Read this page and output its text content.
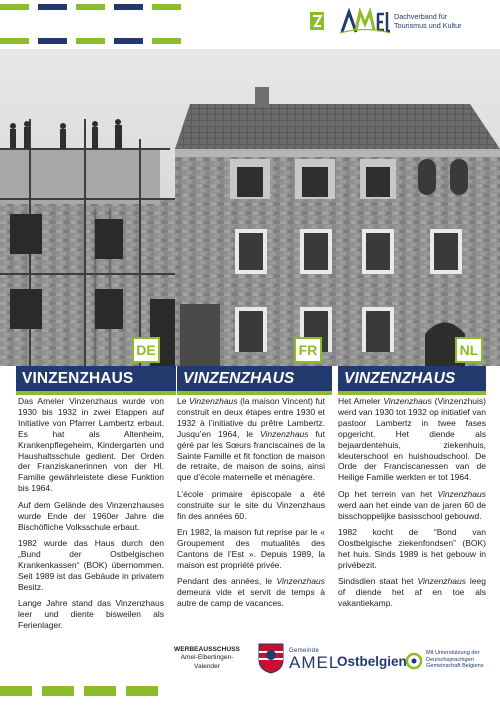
Dachverband für
Tourismus und Kultur
DE	FR	NL
VINZENZHAUS	VINZENZHAUS	VINZENZHAUS

Das Ameler Vinzenzhaus wurde von 1930 bis 1932 in zwei Etappen auf Initiative von Pfarrer Lambertz erbaut. Es hat als Altenheim, Krankenpflegeheim, Kindergarten und Haushaltsschule gedient. Der Orden der Franziskanerinnen von der Hl. Familie gewährleistete diese Funktion bis 1964.

Auf dem Gelände des Vinzenzhauses wurde Ende der 1960er Jahre die Bischöfliche Volksschule erbaut.

1982 wurde das Haus durch den „Bund der Ostbelgischen Krankenkassen“ (BOK) übernommen. Seit 1989 ist das Gebäude in privatem Besitz.

Lange Jahre stand das Vinzenzhaus leer und diente bisweilen als Ferienlager.

Le Vinzenzhaus (la maison Vincent) fut construit en deux étapes entre 1930 et 1932 à l’initiative du prêtre Lambertz. Jusqu’en 1964, le Vinzenzhaus fut géré par les Sœurs franciscaines de la Sainte Famille et fit fonction de maison de retraite, de maison de soins, ainsi que d’école maternelle et ménagère.

L’école primaire épiscopale a été construite sur le site du Vinzenzhaus fin des années 60.

En 1982, la maison fut reprise par le « Groupement des mutualités des Cantons de l’Est ». Depuis 1989, la maison est propriété privée.

Pendant des années, le Vinzenzhaus demeura vide et servit de temps à autre de camp de vacances.

Het Ameler Vinzenzhaus (Vinzenzhuis) werd van 1930 tot 1932 op initiatief van pastoor Lambertz in twee fases opgericht. Het diende als bejaardentehuis, ziekenhuis, kleuterschool en huishoudschool. De Orde der Franciscanessen van de Heilige Familie werkten er tot 1964.

Op het terrein van het Vinzenzhaus werd aan het einde van de jaren 60 de bisschoppelijke basisschool gebouwd.

1982 kocht de “Bond van Oostbelgische ziekenfondsen” (BOK) het huis. Sinds 1989 is het gebouw in privébezit.

Sindsdien staat het Vinzenzhaus leeg of diende het af en toe als vakantiekamp.

WERBEAUSSCHUSS
Amel-Elbertingen-
Valender
Gemeinde
AMEL
Ostbelgien
Mit Unterstützung der Deutschsprachigen Gemeinschaft Belgiens
